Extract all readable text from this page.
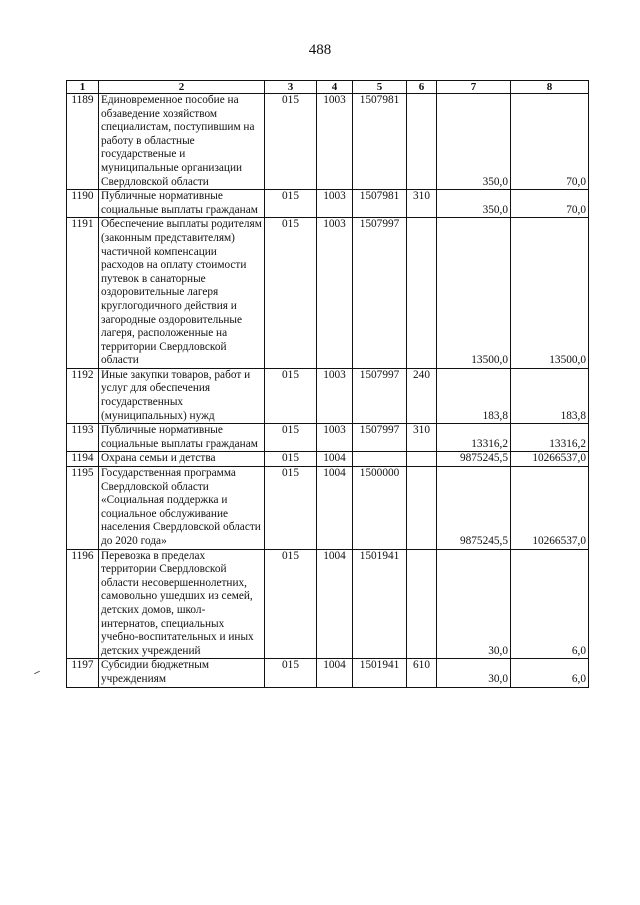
488
1	2	3	4	5	6	7	8
1189	Единовременное пособие на обзаведение хозяйством специалистам, поступившим на работу в областные государственые и муниципальные организации Свердловской области	015	1003	1507981		350,0	70,0
1190	Публичные нормативные социальные выплаты гражданам	015	1003	1507981	310	350,0	70,0
1191	Обеспечение выплаты родителям (законным представителям) частичной компенсации расходов на оплату стоимости путевок в санаторные оздоровительные лагеря круглогодичного действия и загородные оздоровительные лагеря, расположенные на территории Свердловской области	015	1003	1507997		13500,0	13500,0
1192	Иные закупки товаров, работ и услуг для обеспечения государственных (муниципальных) нужд	015	1003	1507997	240	183,8	183,8
1193	Публичные нормативные социальные выплаты гражданам	015	1003	1507997	310	13316,2	13316,2
1194	Охрана семьи и детства	015	1004			9875245,5	10266537,0
1195	Государственная программа Свердловской области «Социальная поддержка и социальное обслуживание населения Свердловской области до 2020 года»	015	1004	1500000		9875245,5	10266537,0
1196	Перевозка в пределах территории Свердловской области несовершеннолетних, самовольно ушедших из семей, детских домов, школ-интернатов, специальных учебно-воспитательных и иных детских учреждений	015	1004	1501941		30,0	6,0
1197	Субсидии бюджетным учреждениям	015	1004	1501941	610	30,0	6,0
